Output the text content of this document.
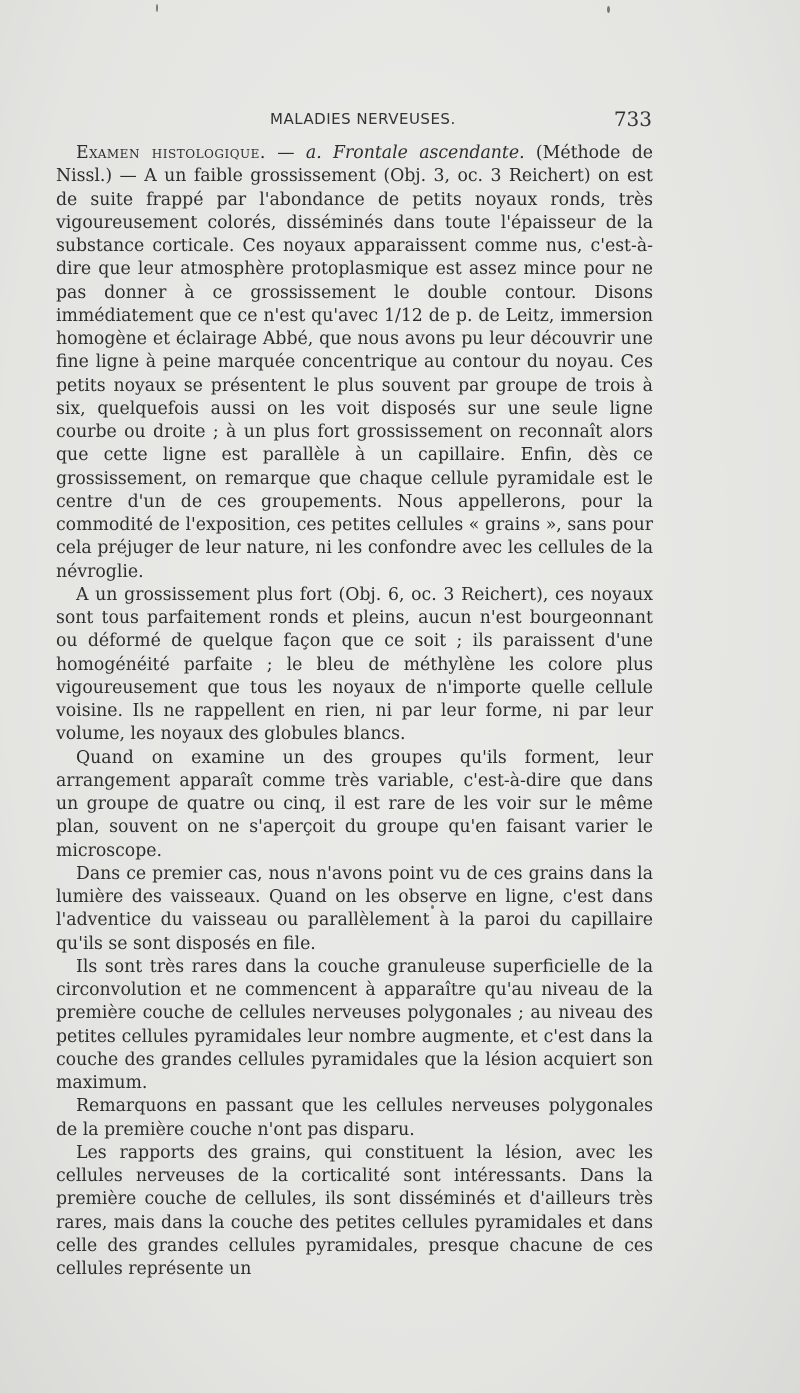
MALADIES NERVEUSES.	733

Examen histologique. — a. Frontale ascendante. (Méthode de Nissl.) — A un faible grossissement (Obj. 3, oc. 3 Reichert) on est de suite frappé par l'abondance de petits noyaux ronds, très vigoureusement colorés, disséminés dans toute l'épaisseur de la substance corticale. Ces noyaux apparaissent comme nus, c'est-à-dire que leur atmosphère protoplasmique est assez mince pour ne pas donner à ce grossissement le double contour. Disons immédiatement que ce n'est qu'avec 1/12 de p. de Leitz, immersion homogène et éclairage Abbé, que nous avons pu leur découvrir une fine ligne à peine marquée concentrique au contour du noyau. Ces petits noyaux se présentent le plus souvent par groupe de trois à six, quelquefois aussi on les voit disposés sur une seule ligne courbe ou droite ; à un plus fort grossissement on reconnaît alors que cette ligne est parallèle à un capillaire. Enfin, dès ce grossissement, on remarque que chaque cellule pyramidale est le centre d'un de ces groupements. Nous appellerons, pour la commodité de l'exposition, ces petites cellules « grains », sans pour cela préjuger de leur nature, ni les confondre avec les cellules de la névroglie.

A un grossissement plus fort (Obj. 6, oc. 3 Reichert), ces noyaux sont tous parfaitement ronds et pleins, aucun n'est bourgeonnant ou déformé de quelque façon que ce soit ; ils paraissent d'une homogénéité parfaite ; le bleu de méthylène les colore plus vigoureusement que tous les noyaux de n'importe quelle cellule voisine. Ils ne rappellent en rien, ni par leur forme, ni par leur volume, les noyaux des globules blancs.

Quand on examine un des groupes qu'ils forment, leur arrangement apparaît comme très variable, c'est-à-dire que dans un groupe de quatre ou cinq, il est rare de les voir sur le même plan, souvent on ne s'aperçoit du groupe qu'en faisant varier le microscope.

Dans ce premier cas, nous n'avons point vu de ces grains dans la lumière des vaisseaux. Quand on les observe en ligne, c'est dans l'adventice du vaisseau ou parallèlement à la paroi du capillaire qu'ils se sont disposés en file.

Ils sont très rares dans la couche granuleuse superficielle de la circonvolution et ne commencent à apparaître qu'au niveau de la première couche de cellules nerveuses polygonales ; au niveau des petites cellules pyramidales leur nombre augmente, et c'est dans la couche des grandes cellules pyramidales que la lésion acquiert son maximum.

Remarquons en passant que les cellules nerveuses polygonales de la première couche n'ont pas disparu.

Les rapports des grains, qui constituent la lésion, avec les cellules nerveuses de la corticalité sont intéressants. Dans la première couche de cellules, ils sont disséminés et d'ailleurs très rares, mais dans la couche des petites cellules pyramidales et dans celle des grandes cellules pyramidales, presque chacune de ces cellules représente un
